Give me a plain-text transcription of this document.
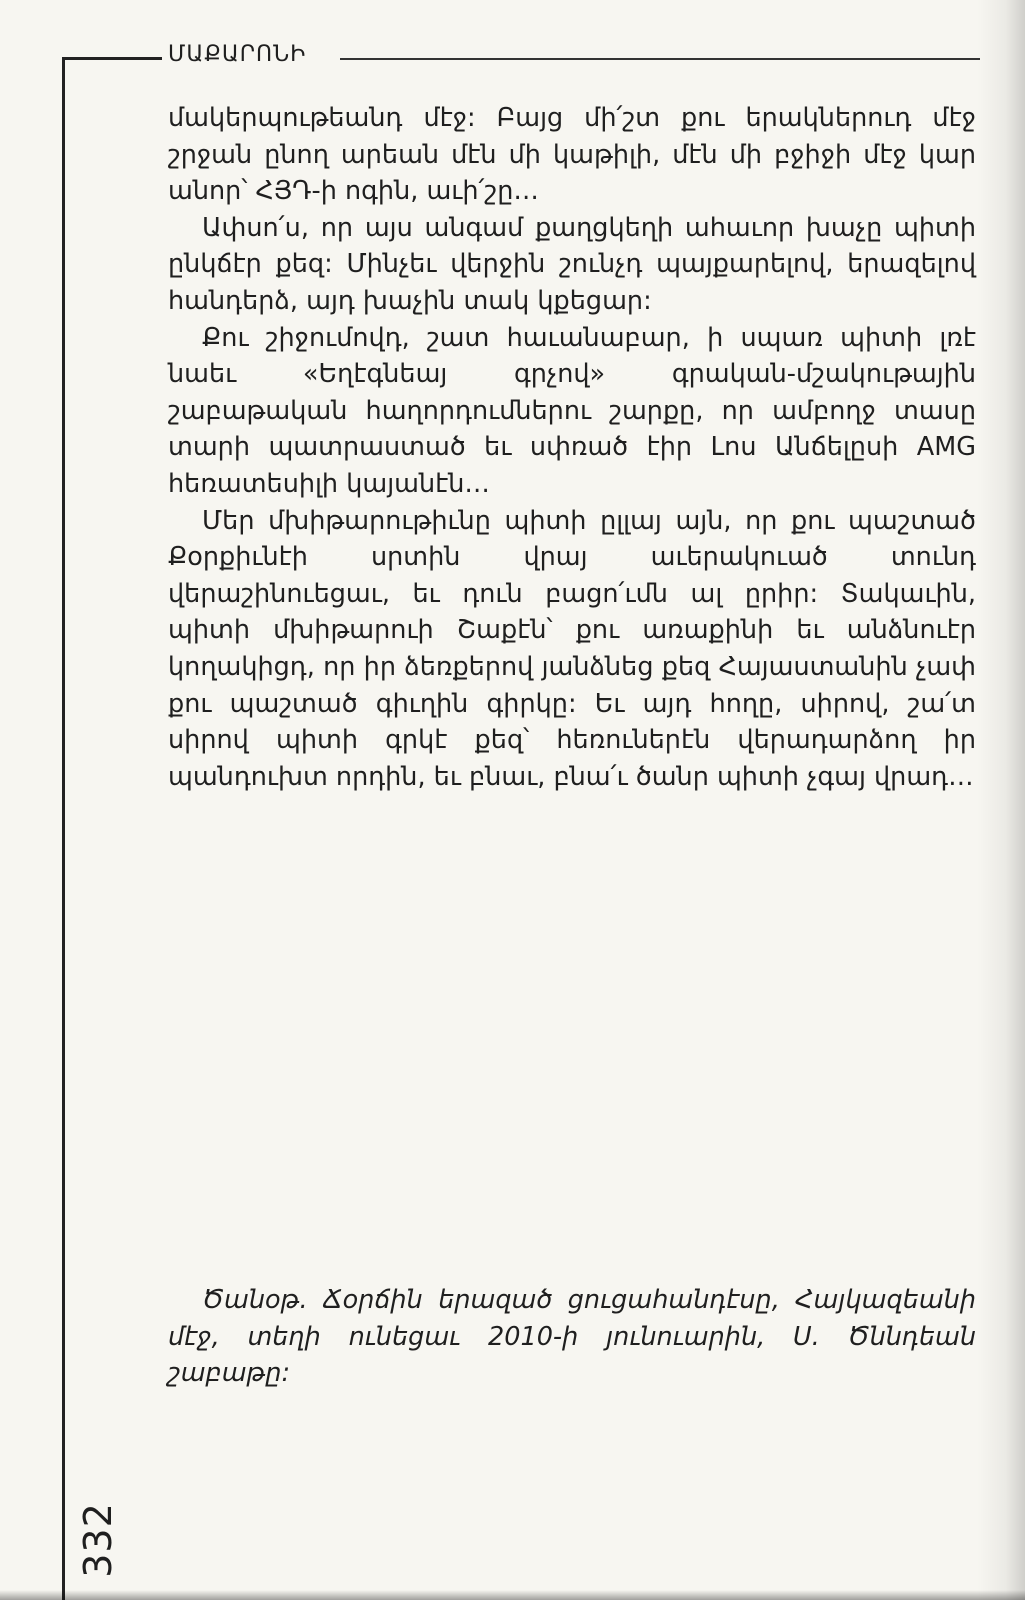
ՄԱՔԱՐՈՆԻ

մակերպութեանդ մէջ: Բայց մի՛շտ քու երակներուդ մէջ շրջան ընող արեան մէն մի կաթիլի, մէն մի բջիջի մէջ կար անոր՝ ՀՅԴ-ի ոգին, աւի՛շը…

Ափսո՛ս, որ այս անգամ քաղցկեղի ահաւոր խաչը պիտի ընկճէր քեզ: Մինչեւ վերջին շունչդ պայքարելով, երազելով հանդերձ, այդ խաչին տակ կքեցար:

Քու շիջումովդ, շատ հաւանաբար, ի սպառ պիտի լռէ նաեւ «Եղէգնեայ գրչով» գրական-մշակութային շաբաթական հաղորդումներու շարքը, որ ամբողջ տասը տարի պատրաստած եւ սփռած էիր Լոս Անճելըսի AMG հեռատեսիլի կայանէն…

Մեր մխիթարութիւնը պիտի ըլլայ այն, որ քու պաշտած Քօրքիւնէի սրտին վրայ աւերակուած տունդ վերաշինուեցաւ, եւ դուն բացո՛ւմն ալ ըրիր: Տակաւին, պիտի մխիթարուի Շաքէն՝ քու առաքինի եւ անձնուէր կողակիցդ, որ իր ձեռքերով յանձնեց քեզ Հայաստանին չափ քու պաշտած գիւղին գիրկը: Եւ այդ հողը, սիրով, շա՛տ սիրով պիտի գրկէ քեզ՝ հեռուներէն վերադարձող իր պանդուխտ որդին, եւ բնաւ, բնա՛ւ ծանր պիտի չգայ վրադ…

Ծանօթ. Ճօրճին երազած ցուցահանդէսը, Հայկազեանի մէջ, տեղի ունեցաւ 2010-ի յունուարին, Ս. Ծննդեան շաբաթը:
332
